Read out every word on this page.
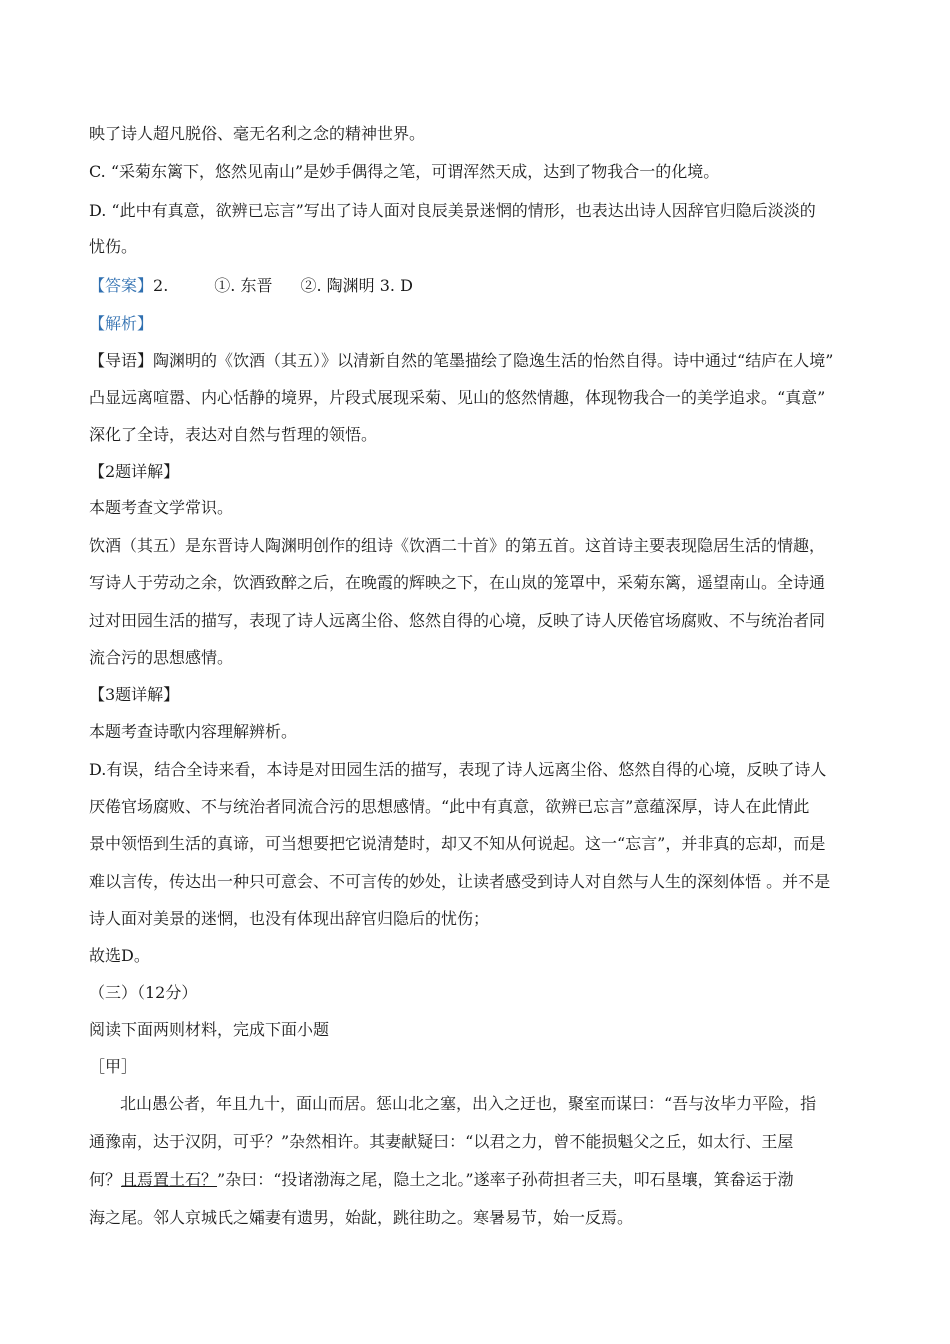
映了诗人超凡脱俗、毫无名利之念的精神世界。
C. “采菊东篱下，悠然见南山”是妙手偶得之笔，可谓浑然天成，达到了物我合一的化境。
D. “此中有真意，欲辨已忘言”写出了诗人面对良辰美景迷惘的情形，也表达出诗人因辞官归隐后淡淡的
忧伤。
【答案】2.	①. 东晋 ②. 陶渊明 3. D
【解析】
【导语】陶渊明的《饮酒（其五）》以清新自然的笔墨描绘了隐逸生活的怡然自得。诗中通过“结庐在人境”
凸显远离喧嚣、内心恬静的境界，片段式展现采菊、见山的悠然情趣，体现物我合一的美学追求。“真意”
深化了全诗，表达对自然与哲理的领悟。
【2题详解】
本题考查文学常识。
饮酒（其五）是东晋诗人陶渊明创作的组诗《饮酒二十首》的第五首。这首诗主要表现隐居生活的情趣，
写诗人于劳动之余，饮酒致醉之后，在晚霞的辉映之下，在山岚的笼罩中，采菊东篱，遥望南山。全诗通
过对田园生活的描写，表现了诗人远离尘俗、悠然自得的心境，反映了诗人厌倦官场腐败、不与统治者同
流合污的思想感情。
【3题详解】
本题考查诗歌内容理解辨析。
D.有误，结合全诗来看，本诗是对田园生活的描写，表现了诗人远离尘俗、悠然自得的心境，反映了诗人
厌倦官场腐败、不与统治者同流合污的思想感情。“此中有真意，欲辨已忘言”意蕴深厚，诗人在此情此
景中领悟到生活的真谛，可当想要把它说清楚时，却又不知从何说起。这一“忘言”，并非真的忘却，而是
难以言传，传达出一种只可意会、不可言传的妙处，让读者感受到诗人对自然与人生的深刻体悟 。并不是
诗人面对美景的迷惘，也没有体现出辞官归隐后的忧伤；
故选D。
（三）（12分）
阅读下面两则材料，完成下面小题
［甲］
北山愚公者，年且九十，面山而居。惩山北之塞，出入之迂也，聚室而谋曰：“吾与汝毕力平险，指
通豫南，达于汉阴，可乎？”杂然相许。其妻献疑曰：“以君之力，曾不能损魁父之丘，如太行、王屋
何？且焉置土石？”杂曰：“投诸渤海之尾，隐土之北。”遂率子孙荷担者三夫，叩石垦壤，箕畚运于渤
海之尾。邻人京城氏之孀妻有遗男，始龀，跳往助之。寒暑易节，始一反焉。
